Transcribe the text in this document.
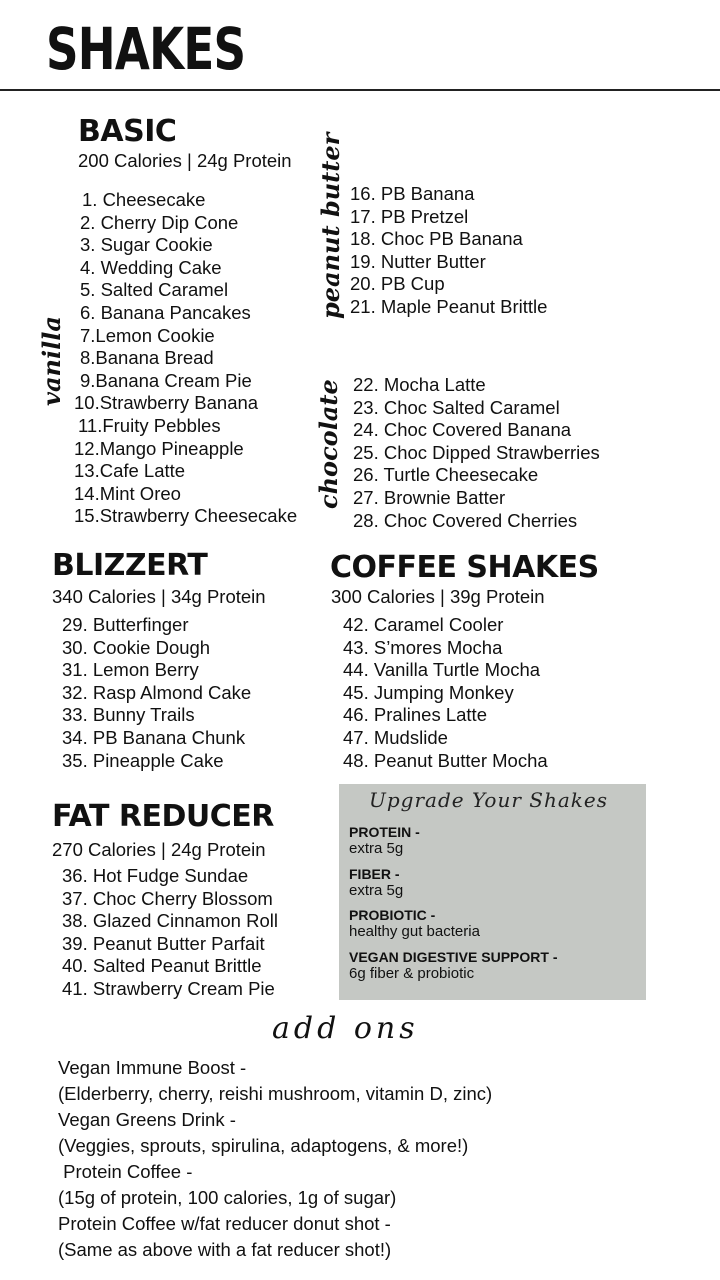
SHAKES
BASIC
200 Calories | 24g Protein
vanilla
1. Cheesecake
2. Cherry Dip Cone
3. Sugar Cookie
4. Wedding Cake
5. Salted Caramel
6. Banana Pancakes
7.Lemon Cookie
8.Banana Bread
9.Banana Cream Pie
10.Strawberry Banana
11.Fruity Pebbles
12.Mango Pineapple
13.Cafe Latte
14.Mint Oreo
15.Strawberry Cheesecake
peanut butter 16. PB Banana
17. PB Pretzel
18. Choc PB Banana
19. Nutter Butter
20. PB Cup
21. Maple Peanut Brittle
chocolate 22. Mocha Latte
23. Choc Salted Caramel
24. Choc Covered Banana
25. Choc Dipped Strawberries
26. Turtle Cheesecake
27. Brownie Batter
28. Choc Covered Cherries
BLIZZERT
340 Calories | 34g Protein
29. Butterfinger
30. Cookie Dough
31. Lemon Berry
32. Rasp Almond Cake
33. Bunny Trails
34. PB Banana Chunk
35. Pineapple Cake
COFFEE SHAKES
300 Calories | 39g Protein
42. Caramel Cooler
43. S’mores Mocha
44. Vanilla Turtle Mocha
45. Jumping Monkey
46. Pralines Latte
47. Mudslide
48. Peanut Butter Mocha
FAT REDUCER
270 Calories | 24g Protein
36. Hot Fudge Sundae
37. Choc Cherry Blossom
38. Glazed Cinnamon Roll
39. Peanut Butter Parfait
40. Salted Peanut Brittle
41. Strawberry Cream Pie
Upgrade Your Shakes
PROTEIN -
extra 5g
FIBER -
extra 5g
PROBIOTIC -
healthy gut bacteria
VEGAN DIGESTIVE SUPPORT -
6g fiber & probiotic
add ons
Vegan Immune Boost -
(Elderberry, cherry, reishi mushroom, vitamin D, zinc)
Vegan Greens Drink -
(Veggies, sprouts, spirulina, adaptogens, & more!)
Protein Coffee -
(15g of protein, 100 calories, 1g of sugar)
Protein Coffee w/fat reducer donut shot -
(Same as above with a fat reducer shot!)
